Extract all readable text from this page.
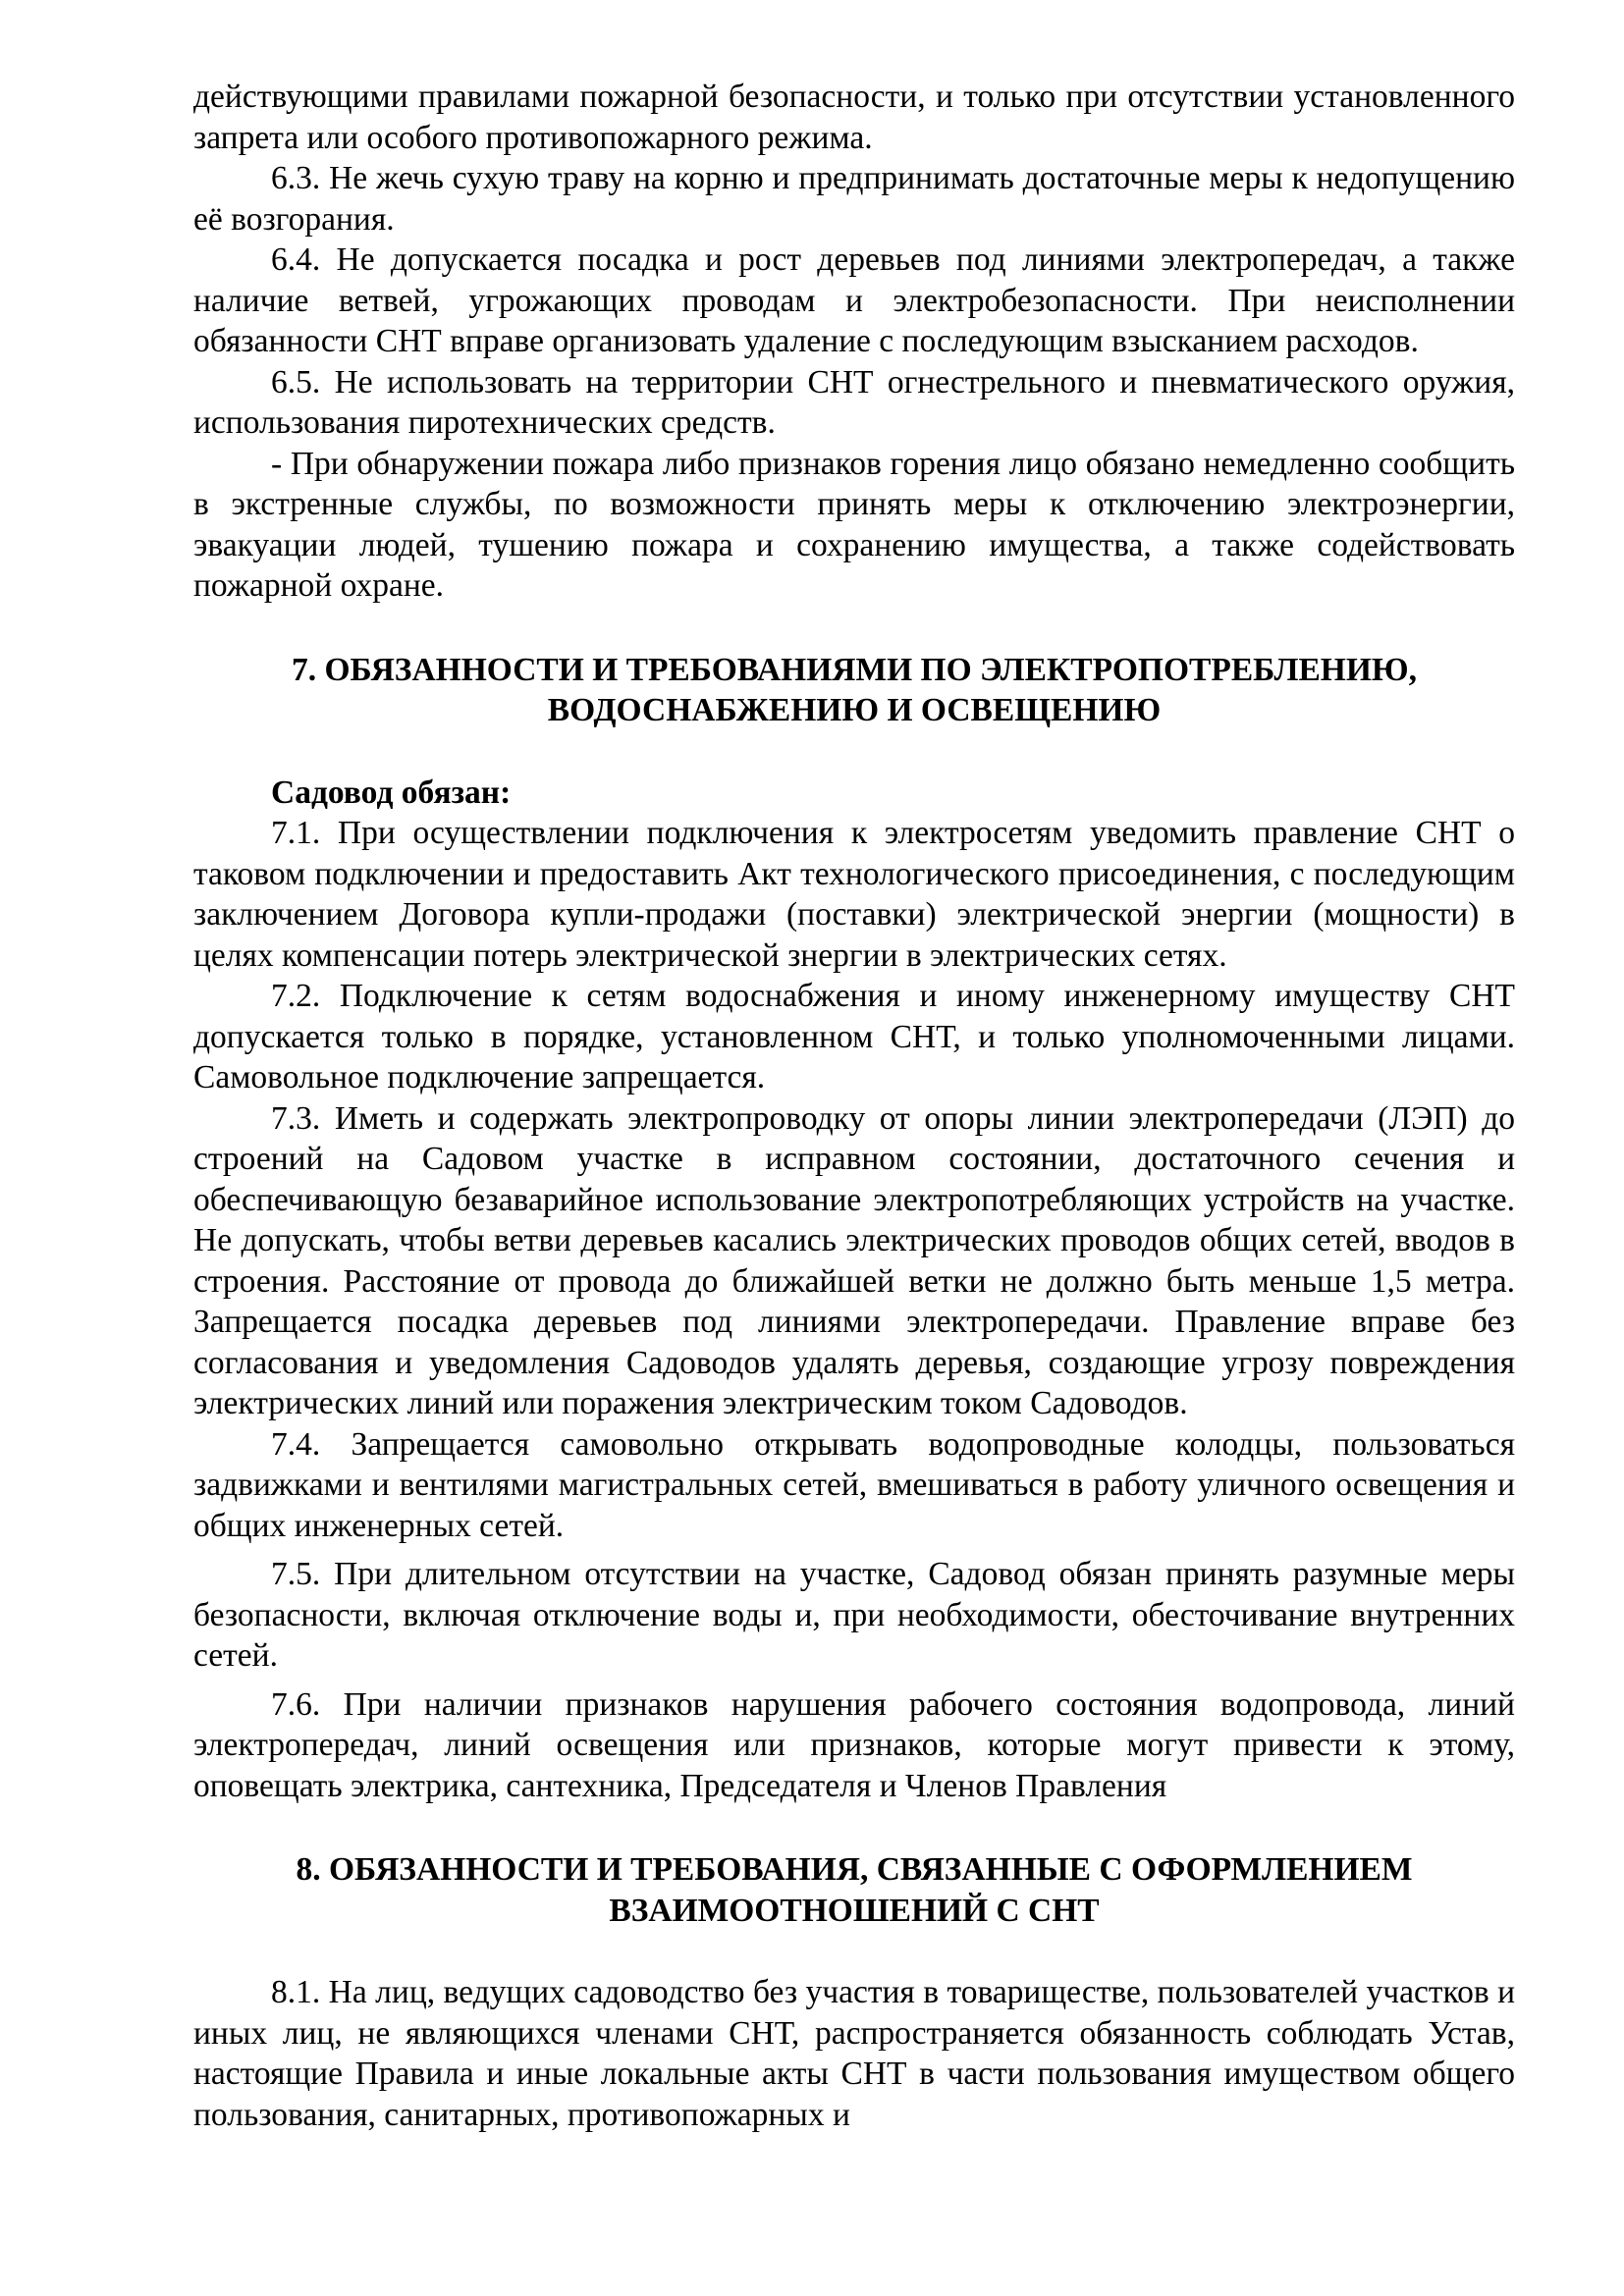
действующими правилами пожарной безопасности, и только при отсутствии установленного запрета или особого противопожарного режима.

6.3. Не жечь сухую траву на корню и предпринимать достаточные меры к недопущению её возгорания.

6.4. Не допускается посадка и рост деревьев под линиями электропередач, а также наличие ветвей, угрожающих проводам и электробезопасности. При неисполнении обязанности СНТ вправе организовать удаление с последующим взысканием расходов.

6.5. Не использовать на территории СНТ огнестрельного и пневматического оружия, использования пиротехнических средств.

- При обнаружении пожара либо признаков горения лицо обязано немедленно сообщить в экстренные службы, по возможности принять меры к отключению электроэнергии, эвакуации людей, тушению пожара и сохранению имущества, а также содействовать пожарной охране.

7. ОБЯЗАННОСТИ И ТРЕБОВАНИЯМИ ПО ЭЛЕКТРОПОТРЕБЛЕНИЮ,

ВОДОСНАБЖЕНИЮ И ОСВЕЩЕНИЮ

Садовод обязан:

7.1. При осуществлении подключения к электросетям уведомить правление СНТ о таковом подключении и предоставить Акт технологического присоединения, с последующим заключением Договора купли-продажи (поставки) электрической энергии (мощности) в целях компенсации потерь электрической знергии в электрических сетях.

7.2. Подключение к сетям водоснабжения и иному инженерному имуществу СНТ допускается только в порядке, установленном СНТ, и только уполномоченными лицами. Самовольное подключение запрещается.

7.3. Иметь и содержать электропроводку от опоры линии электропередачи (ЛЭП) до строений на Садовом участке в исправном состоянии, достаточного сечения и обеспечивающую безаварийное использование электропотребляющих устройств на участке. Не допускать, чтобы ветви деревьев касались электрических проводов общих сетей, вводов в строения. Расстояние от провода до ближайшей ветки не должно быть меньше 1,5 метра. Запрещается посадка деревьев под линиями электропередачи. Правление вправе без согласования и уведомления Садоводов удалять деревья, создающие угрозу повреждения электрических линий или поражения электрическим током Садоводов.

7.4. Запрещается самовольно открывать водопроводные колодцы, пользоваться задвижками и вентилями магистральных сетей, вмешиваться в работу уличного освещения и общих инженерных сетей.

7.5. При длительном отсутствии на участке, Садовод обязан принять разумные меры безопасности, включая отключение воды и, при необходимости, обесточивание внутренних сетей.

7.6. При наличии признаков нарушения рабочего состояния водопровода, линий электропередач, линий освещения или признаков, которые могут привести к этому, оповещать электрика, сантехника, Председателя и Членов Правления

8. ОБЯЗАННОСТИ И ТРЕБОВАНИЯ, СВЯЗАННЫЕ С ОФОРМЛЕНИЕМ

ВЗАИМООТНОШЕНИЙ С СНТ

8.1. На лиц, ведущих садоводство без участия в товариществе, пользователей участков и иных лиц, не являющихся членами СНТ, распространяется обязанность соблюдать Устав, настоящие Правила и иные локальные акты СНТ в части пользования имуществом общего пользования, санитарных, противопожарных и
